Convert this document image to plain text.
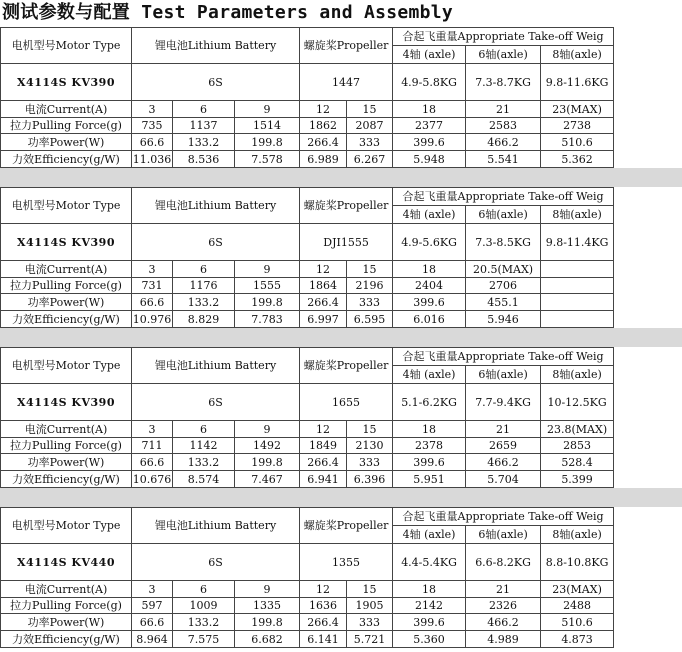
测试参数与配置 Test Parameters and Assembly
电机型号Motor Type	锂电池Lithium Battery			螺旋桨Propeller		合起飞重量Appropriate Take-off Weig		
						4轴 (axle)	6轴(axle)	8轴(axle)
X4114S KV390	6S			1447		4.9-5.8KG	7.3-8.7KG	9.8-11.6KG
电流Current(A)	3	6	9	12	15	18	21	23(MAX)
拉力Pulling Force(g)	735	1137	1514	1862	2087	2377	2583	2738
功率Power(W)	66.6	133.2	199.8	266.4	333	399.6	466.2	510.6
力效Efficiency(g/W)	11.036	8.536	7.578	6.989	6.267	5.948	5.541	5.362
电机型号Motor Type	锂电池Lithium Battery			螺旋桨Propeller		合起飞重量Appropriate Take-off Weig		
						4轴 (axle)	6轴(axle)	8轴(axle)
X4114S KV390	6S			DJI1555		4.9-5.6KG	7.3-8.5KG	9.8-11.4KG
电流Current(A)	3	6	9	12	15	18	20.5(MAX)	
拉力Pulling Force(g)	731	1176	1555	1864	2196	2404	2706	
功率Power(W)	66.6	133.2	199.8	266.4	333	399.6	455.1	
力效Efficiency(g/W)	10.976	8.829	7.783	6.997	6.595	6.016	5.946	
电机型号Motor Type	锂电池Lithium Battery			螺旋桨Propeller		合起飞重量Appropriate Take-off Weig		
						4轴 (axle)	6轴(axle)	8轴(axle)
X4114S KV390	6S			1655		5.1-6.2KG	7.7-9.4KG	10-12.5KG
电流Current(A)	3	6	9	12	15	18	21	23.8(MAX)
拉力Pulling Force(g)	711	1142	1492	1849	2130	2378	2659	2853
功率Power(W)	66.6	133.2	199.8	266.4	333	399.6	466.2	528.4
力效Efficiency(g/W)	10.676	8.574	7.467	6.941	6.396	5.951	5.704	5.399
电机型号Motor Type	锂电池Lithium Battery			螺旋桨Propeller		合起飞重量Appropriate Take-off Weig		
						4轴 (axle)	6轴(axle)	8轴(axle)
X4114S KV440	6S			1355		4.4-5.4KG	6.6-8.2KG	8.8-10.8KG
电流Current(A)	3	6	9	12	15	18	21	23(MAX)
拉力Pulling Force(g)	597	1009	1335	1636	1905	2142	2326	2488
功率Power(W)	66.6	133.2	199.8	266.4	333	399.6	466.2	510.6
力效Efficiency(g/W)	8.964	7.575	6.682	6.141	5.721	5.360	4.989	4.873
